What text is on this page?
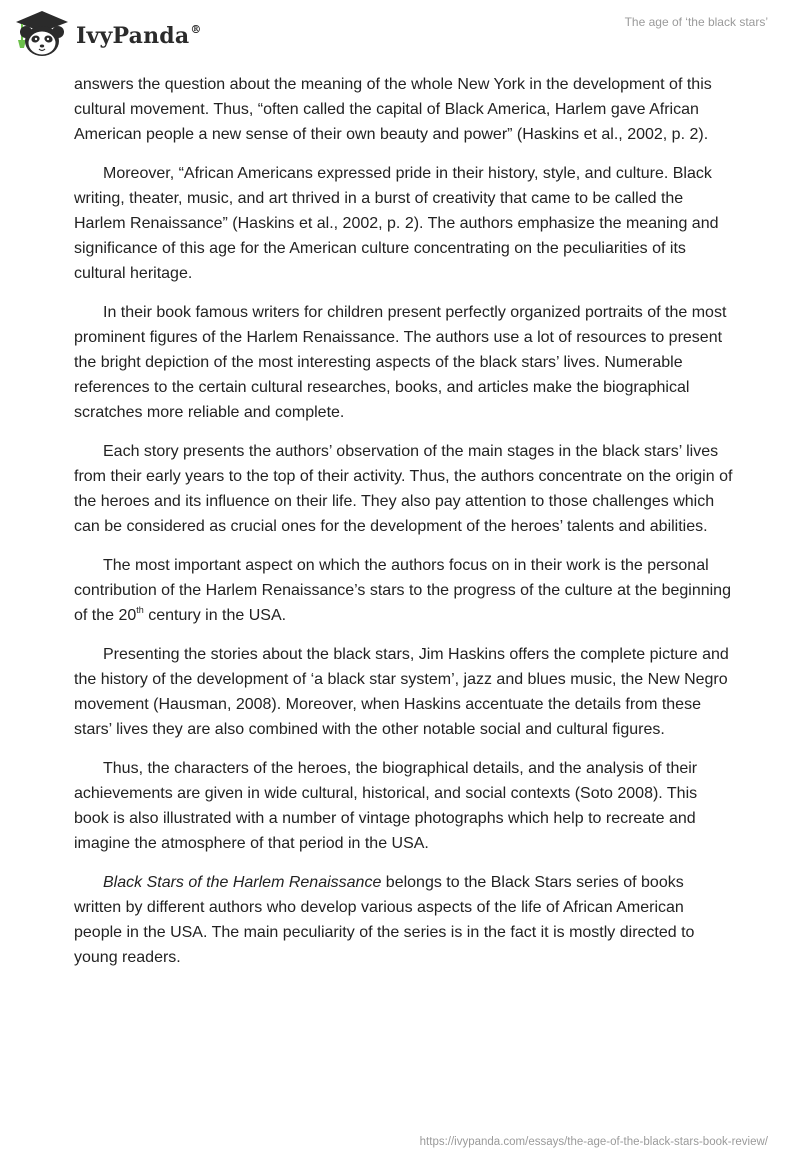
IvyPanda®
The age of ‘the black stars’

answers the question about the meaning of the whole New York in the development of this cultural movement. Thus, “often called the capital of Black America, Harlem gave African American people a new sense of their own beauty and power” (Haskins et al., 2002, p. 2).

Moreover, “African Americans expressed pride in their history, style, and culture. Black writing, theater, music, and art thrived in a burst of creativity that came to be called the Harlem Renaissance” (Haskins et al., 2002, p. 2). The authors emphasize the meaning and significance of this age for the American culture concentrating on the peculiarities of its cultural heritage.

In their book famous writers for children present perfectly organized portraits of the most prominent figures of the Harlem Renaissance. The authors use a lot of resources to present the bright depiction of the most interesting aspects of the black stars’ lives. Numerable references to the certain cultural researches, books, and articles make the biographical scratches more reliable and complete.

Each story presents the authors’ observation of the main stages in the black stars’ lives from their early years to the top of their activity. Thus, the authors concentrate on the origin of the heroes and its influence on their life. They also pay attention to those challenges which can be considered as crucial ones for the development of the heroes’ talents and abilities.

The most important aspect on which the authors focus on in their work is the personal contribution of the Harlem Renaissance’s stars to the progress of the culture at the beginning of the 20th century in the USA.

Presenting the stories about the black stars, Jim Haskins offers the complete picture and the history of the development of ‘a black star system’, jazz and blues music, the New Negro movement (Hausman, 2008). Moreover, when Haskins accentuate the details from these stars’ lives they are also combined with the other notable social and cultural figures.

Thus, the characters of the heroes, the biographical details, and the analysis of their achievements are given in wide cultural, historical, and social contexts (Soto 2008). This book is also illustrated with a number of vintage photographs which help to recreate and imagine the atmosphere of that period in the USA.

Black Stars of the Harlem Renaissance belongs to the Black Stars series of books written by different authors who develop various aspects of the life of African American people in the USA. The main peculiarity of the series is in the fact it is mostly directed to young readers.

https://ivypanda.com/essays/the-age-of-the-black-stars-book-review/
